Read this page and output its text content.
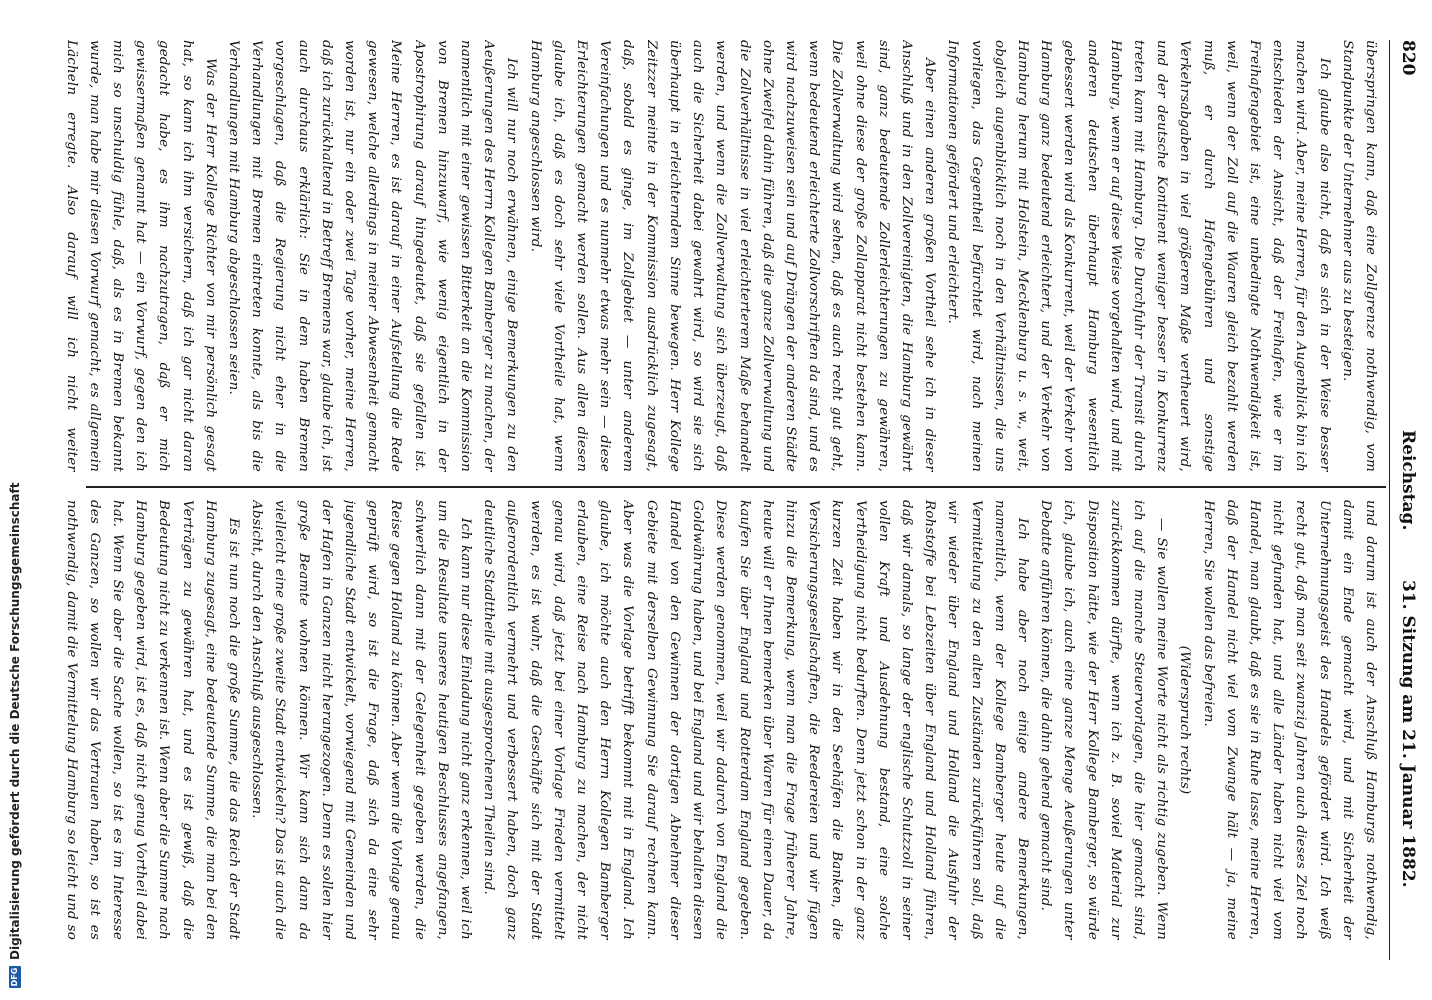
820
Reichstag.
31. Sitzung am 21. Januar 1882.

überspringen kann, daß eine Zollgrenze nothwendig, vom Standpunkte der Unternehmer aus zu besteigen.

Ich glaube also nicht, daß es sich in der Weise besser machen wird. Aber, meine Herren, für den Augenblick bin ich entschieden der Ansicht, daß der Freihafen, wie er im Freihafengebiet ist, eine unbedingte Nothwendigkeit ist, weil, wenn der Zoll auf die Waaren gleich bezahlt werden muß, er durch Hafengebühren und sonstige Verkehrsabgaben in viel größerem Maße vertheuert wird, und der deutsche Kontinent weniger besser in Konkurrenz treten kann mit Hamburg. Die Durchfuhr der Transit durch Hamburg, wenn er auf diese Weise vorgehalten wird, und mit anderen deutschen überhaupt Hamburg wesentlich gebessert werden wird als Konkurrent, weil der Verkehr von Hamburg ganz bedeutend erleichtert, und der Verkehr von Hamburg herum mit Holstein, Mecklenburg u. s. w., weit, obgleich augenblicklich noch in den Verhältnissen, die uns vorliegen, das Gegentheil befürchtet wird, nach meinen Informationen gefördert und erleichtert.

Aber einen anderen großen Vortheil sehe ich in dieser Anschluß und in den Zollvereinigten, die Hamburg gewährt sind, ganz bedeutende Zollerleichterungen zu gewähren, weil ohne diese der große Zollapparat nicht bestehen kann. Die Zollverwaltung wird sehen, daß es auch recht gut geht, wenn bedeutend erleichterte Zollvorschriften da sind, und es wird nachzuweisen sein und auf Drängen der anderen Städte ohne Zweifel dahin führen, daß die ganze Zollverwaltung und die Zollverhältnisse in viel erleichterterem Maße behandelt werden, und wenn die Zollverwaltung sich überzeugt, daß auch die Sicherheit dabei gewahrt wird, so wird sie sich überhaupt in erleichterndem Sinne bewegen. Herr Kollege Zeitzzer meinte in der Kommission ausdrücklich zugesagt, daß, sobald es ginge, im Zollgebiet — unter anderem Vereinfachungen und es nunmehr etwas mehr sein — diese Erleichterungen gemacht werden sollen. Aus allen diesen glaube ich, daß es doch sehr viele Vortheile hat, wenn Hamburg angeschlossen wird.

Ich will nur noch erwähnen, einige Bemerkungen zu den Aeußerungen des Herrn Kollegen Bamberger zu machen, der namentlich mit einer gewissen Bitterkeit an die Kommission von Bremen hinzuwarf, wie wenig eigentlich in der Apostrophirung darauf hingedeutet, daß sie gefallen ist. Meine Herren, es ist darauf in einer Aufstellung die Rede gewesen, welche allerdings in meiner Abwesenheit gemacht worden ist, nur ein oder zwei Tage vorher, meine Herren, daß ich zurückhaltend in Betreff Bremens war, glaube ich, ist auch durchaus erklärlich: Sie in dem haben Bremen vorgeschlagen, daß die Regierung nicht eher in die Verhandlungen mit Bremen eintreten konnte, als bis die Verhandlungen mit Hamburg abgeschlossen seien.

Was der Herr Kollege Richter von mir persönlich gesagt hat, so kann ich ihm versichern, daß ich gar nicht daran gedacht habe, es ihm nachzutragen, daß er mich gewissermaßen genannt hat — ein Vorwurf, gegen den ich mich so unschuldig fühle, daß, als es in Bremen bekannt wurde, man habe mir diesen Vorwurf gemacht, es allgemein Lächeln erregte. Also darauf will ich nicht weiter

und darum ist auch der Anschluß Hamburgs nothwendig, damit ein Ende gemacht wird, und mit Sicherheit der Unternehmungsgeist des Handels gefördert wird. Ich weiß recht gut, daß man seit zwanzig Jahren auch dieses Ziel noch nicht gefunden hat, und alle Länder haben nicht viel vom Handel, man glaubt, daß es sie in Ruhe lasse, meine Herren, daß der Handel nicht viel vom Zwange hält — ja, meine Herren, Sie wollen das befreien.

(Widerspruch rechts)

— Sie wollen meine Worte nicht als richtig zugeben. Wenn ich auf die manche Steuervorlagen, die hier gemacht sind, zurückkommen dürfte, wenn ich z. B. soviel Material zur Disposition hätte, wie der Herr Kollege Bamberger, so würde ich, glaube ich, auch eine ganze Menge Aeußerungen unter Debatte anführen können, die dahin gehend gemacht sind.

Ich habe aber noch einige andere Bemerkungen, namentlich, wenn der Kollege Bamberger heute auf die Vermittelung zu den alten Zuständen zurückführen soll, daß wir wieder über England und Holland die Ausfuhr der Rohstoffe bei Lebzeiten über England und Holland führen, daß wir damals, so lange der englische Schutzzoll in seiner vollen Kraft und Ausdehnung bestand, eine solche Vertheidigung nicht bedurften. Denn jetzt schon in der ganz kurzen Zeit haben wir in den Seehäfen die Banken, die Versicherungsgesellschaften, die Reedereien und wir fügen hinzu die Bemerkung, wenn man die Frage früherer Jahre, heute will er Ihnen bemerken über Waren für einen Dauer, da kaufen Sie über England und Rotterdam England gegeben. Diese werden genommen, weil wir dadurch von England die Goldwährung haben, und bei England und wir behalten diesen Handel von den Gewinnen der dortigen Abnehmer dieser Gebiete mit derselben Gewinnung Sie darauf rechnen kann. Aber was die Vorlage betrifft bekommt mit in England. Ich glaube, ich möchte auch den Herrn Kollegen Bamberger erlauben, eine Reise nach Hamburg zu machen, der nicht genau wird, daß jetzt bei einer Vorlage Frieden vermittelt werden, es ist wahr, daß die Geschäfte sich mit der Stadt außerordentlich vermehrt und verbessert haben, doch ganz deutliche Stadttheile mit ausgesprochenen Theilen sind.

Ich kann nur diese Einladung nicht ganz erkennen, weil ich um die Resultate unseres heutigen Beschlusses angefangen, schwerlich dann mit der Gelegenheit gegeben werden, die Reise gegen Holland zu können. Aber wenn die Vorlage genau geprüft wird, so ist die Frage, daß sich da eine sehr jugendliche Stadt entwickelt, vorwiegend mit Gemeinden und der Hafen in Ganzen nicht herangezogen. Denn es sollen hier große Beamte wohnen können. Wir kann sich dann da vielleicht eine große zweite Stadt entwickeln? Das ist auch die Absicht, durch den Anschluß ausgeschlossen.

Es ist nun noch die große Summe, die das Reich der Stadt Hamburg zugesagt, eine bedeutende Summe, die man bei den Verträgen zu gewähren hat, und es ist gewiß, daß die Bedeutung nicht zu verkennen ist. Wenn aber die Summe nach Hamburg gegeben wird, ist es, daß nicht genug Vortheil dabei hat. Wenn Sie aber die Sache wollen, so ist es im Interesse des Ganzen, so wollen wir das Vertrauen haben, so ist es nothwendig, damit die Vermittelung Hamburg so leicht und so

DFG
Digitalisierung gefördert durch die Deutsche Forschungsgemeinschaft
